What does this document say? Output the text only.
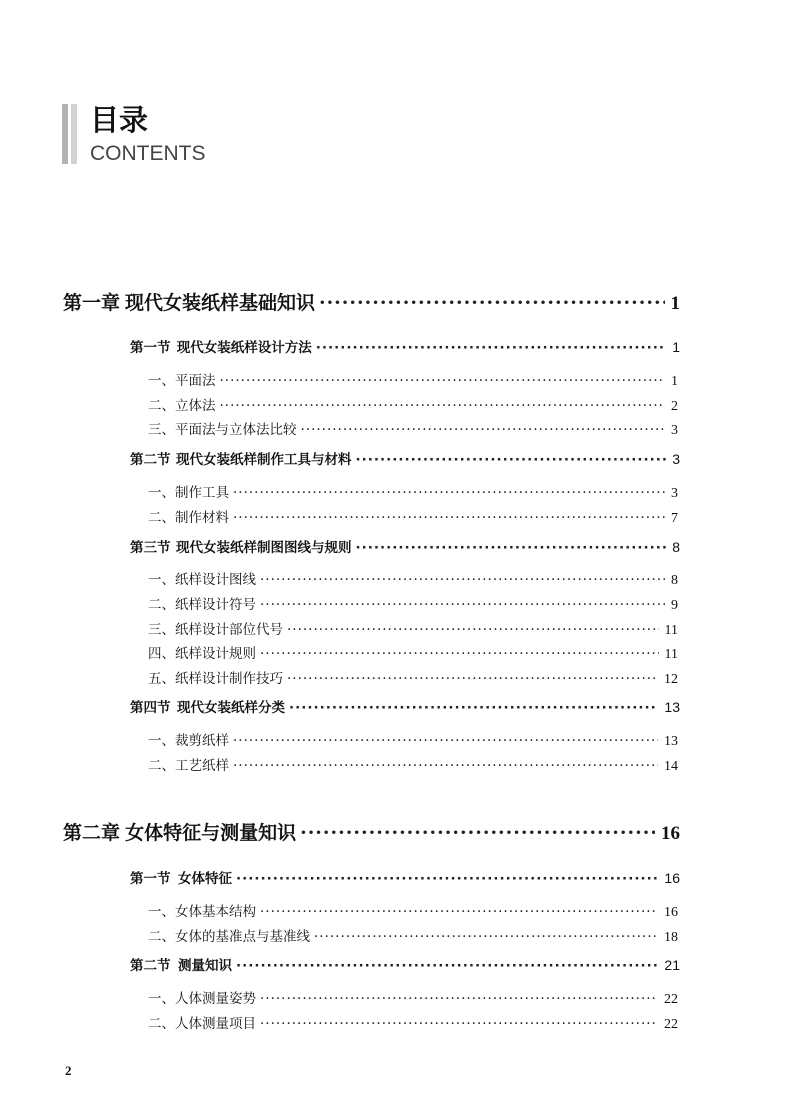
目录
CONTENTS
第一章 现代女装纸样基础知识 ·····	1
第一节 现代女装纸样设计方法 ·····	1
一、平面法 ·····	1
二、立体法 ·····	2
三、平面法与立体法比较 ·····	3
第二节 现代女装纸样制作工具与材料 ·····	3
一、制作工具 ·····	3
二、制作材料 ·····	7
第三节 现代女装纸样制图图线与规则 ·····	8
一、纸样设计图线 ·····	8
二、纸样设计符号 ·····	9
三、纸样设计部位代号 ·····	11
四、纸样设计规则 ·····	11
五、纸样设计制作技巧 ·····	12
第四节 现代女装纸样分类 ·····	13
一、裁剪纸样 ·····	13
二、工艺纸样 ·····	14
第二章 女体特征与测量知识 ·····	16
第一节 女体特征 ·····	16
一、女体基本结构 ·····	16
二、女体的基准点与基准线 ·····	18
第二节 测量知识 ·····	21
一、人体测量姿势 ·····	22
二、人体测量项目 ·····	22
2
